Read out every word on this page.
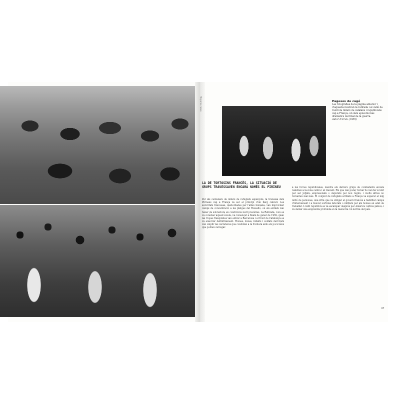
Hispania nova	Pagesos de cagó
Les fotografies de la pàgina anterior i d'aquesta mostren la retirada i el camí de l'exili de milers de catalans i republicans cap a França, un dels episodis més dramàtics del final de la guerra.
Autor d'arxiu (1939)
LA DE TORTOSINS FRANCÈS, LA SITUACIÓ DE GRUPS TRAVESSAVEN ENCARA NOMÉS EL PIRINEU
Per als centenars de milers de refugiats espanyols, la travessa dels Pirineus cap a França va ser el principi d'un llarg calvari. Les autoritats franceses, desbordades per l'allau humana, van improvisar camps de concentració a les platges del Rosselló, on els exiliats van haver de sobreviure en condicions molt precàries. La Retirada, com es va conèixer aquest èxode, va començar a finals de gener de 1939, quan les tropes franquistes van entrar a Barcelona i el front de Catalunya es va ensorrar definitivament. Homes, dones, infants i soldats derrotats van omplir les carreteres que conduïen a la frontera amb els pocs béns que podien carregar.
a les forces republicanes, mentre els darrers grups de combatents encara resistien a la zona centre i al Llevant. Els que van poder tornar ho van fer sovint per ser jutjats, empresonats o depurats pel nou règim, i molts altres no tornarien mai més. El conjunt de refugiats arribats a França va superar el mig milió de persones, una xifra que va obligar el govern francès a habilitar camps d'internament i a buscar sortides laborals o militars per als homes en edat de treballar. L'exili republicà es va escampar després per Amèrica i altres països, i va deixar una empremta profunda en la memòria col·lectiva del país.
47
